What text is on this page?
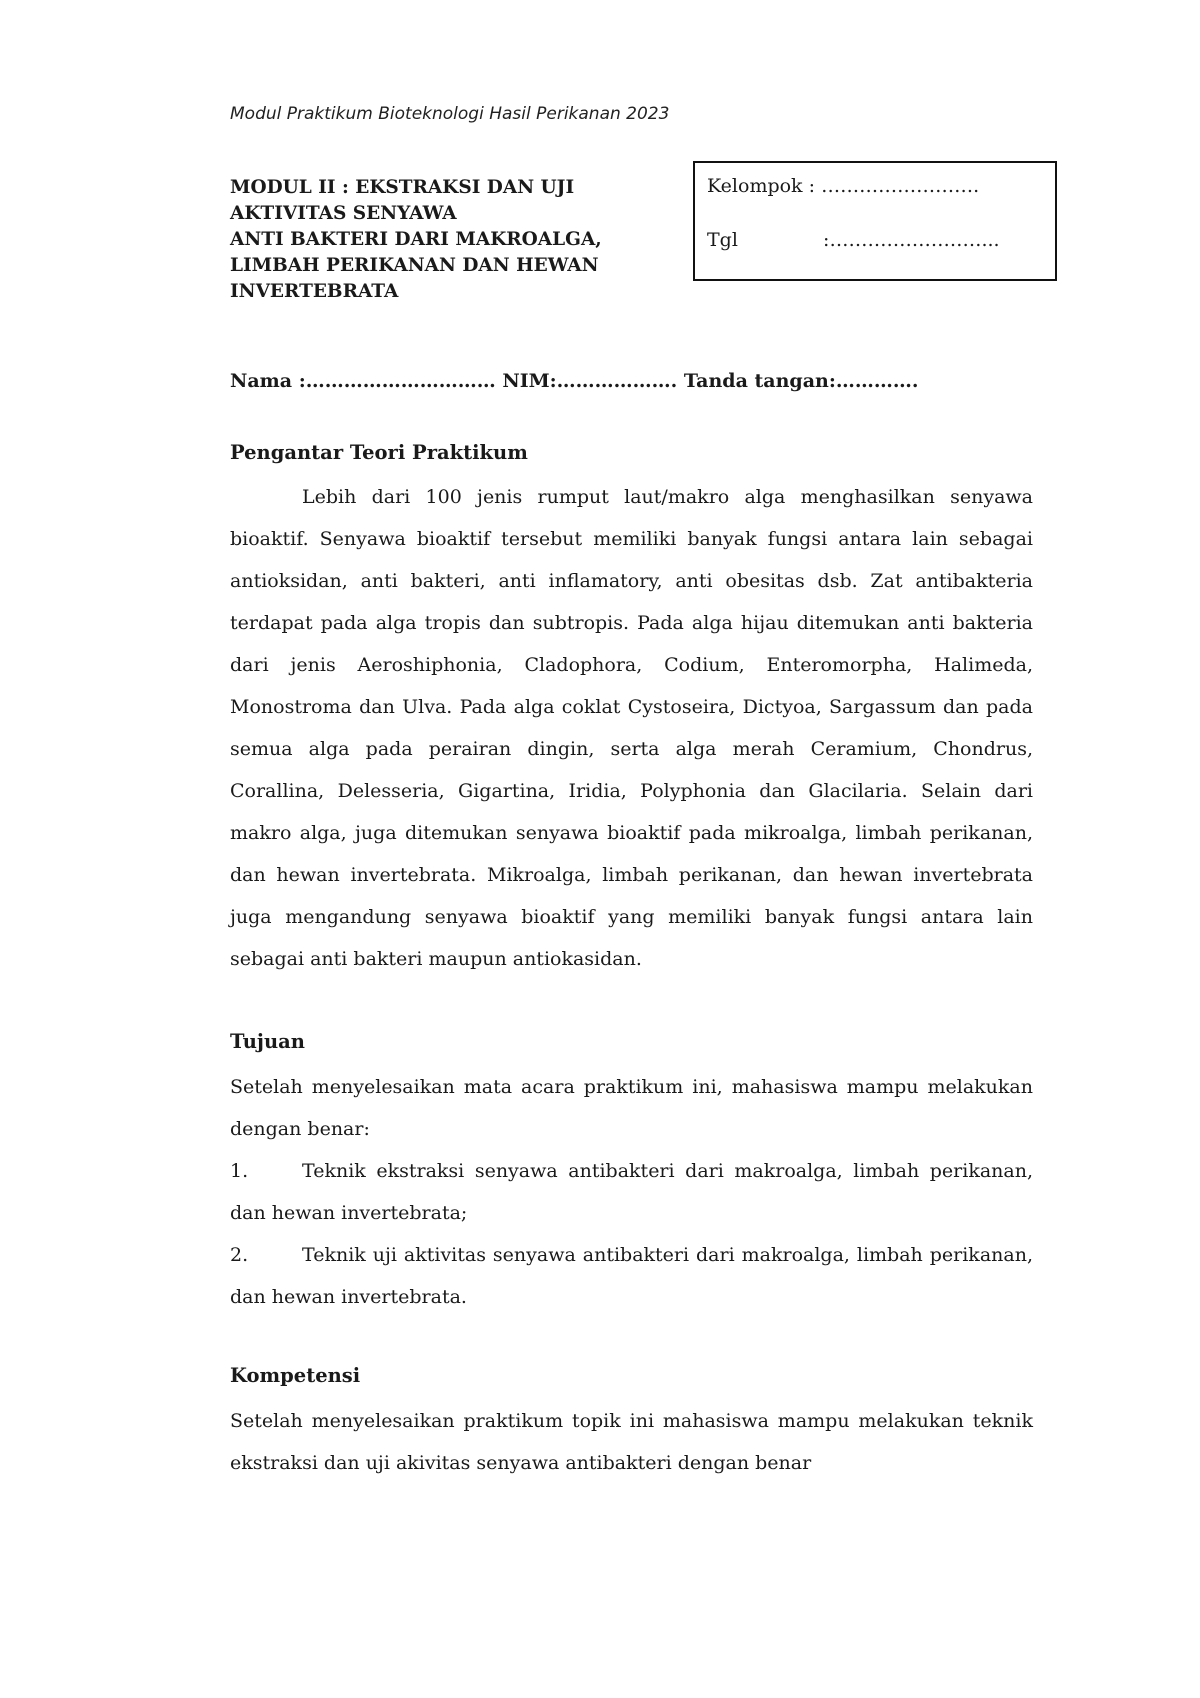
Modul Praktikum Bioteknologi Hasil Perikanan 2023
MODUL II : EKSTRAKSI DAN UJI
AKTIVITAS SENYAWA
ANTI BAKTERI DARI MAKROALGA,
LIMBAH PERIKANAN DAN HEWAN
INVERTEBRATA
Kelompok : …………………….
Tgl	:……………………...
Nama :………………………… NIM:………………. Tanda tangan:………….
Pengantar Teori Praktikum

Lebih dari 100 jenis rumput laut/makro alga menghasilkan senyawa bioaktif. Senyawa bioaktif tersebut memiliki banyak fungsi antara lain sebagai antioksidan, anti bakteri, anti inflamatory, anti obesitas dsb. Zat antibakteria terdapat pada alga tropis dan subtropis. Pada alga hijau ditemukan anti bakteria dari jenis Aeroshiphonia, Cladophora, Codium, Enteromorpha, Halimeda, Monostroma dan Ulva. Pada alga coklat Cystoseira, Dictyoa, Sargassum dan pada semua alga pada perairan dingin, serta alga merah Ceramium, Chondrus, Corallina, Delesseria, Gigartina, Iridia, Polyphonia dan Glacilaria. Selain dari makro alga, juga ditemukan senyawa bioaktif pada mikroalga, limbah perikanan, dan hewan invertebrata. Mikroalga, limbah perikanan, dan hewan invertebrata juga mengandung senyawa bioaktif yang memiliki banyak fungsi antara lain sebagai anti bakteri maupun antiokasidan.

Tujuan

Setelah menyelesaikan mata acara praktikum ini, mahasiswa mampu melakukan dengan benar:

1.	Teknik ekstraksi senyawa antibakteri dari makroalga, limbah perikanan, dan hewan invertebrata;
2.	Teknik uji aktivitas senyawa antibakteri dari makroalga, limbah perikanan, dan hewan invertebrata.
Kompetensi

Setelah menyelesaikan praktikum topik ini mahasiswa mampu melakukan teknik ekstraksi dan uji akivitas senyawa antibakteri dengan benar
